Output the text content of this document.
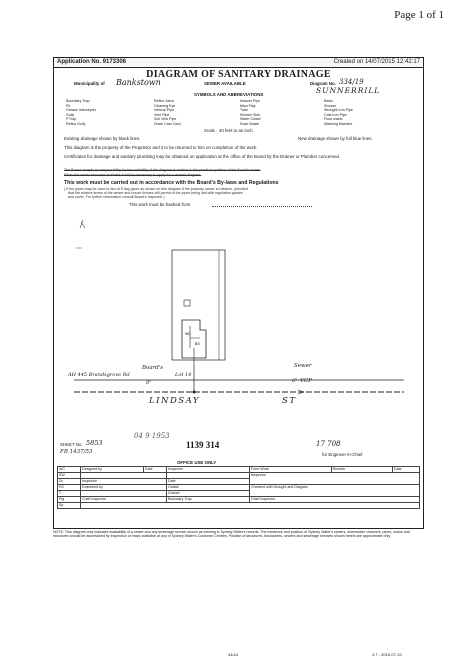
Page 1 of 1
Application No. 9173306	Created on 14/07/2015 12:42:17
DIAGRAM OF SANITARY DRAINAGE
Municipality of Bankstown	SEWER AVAILABLE	Diagram No. 334/19
SUNNERRILL
SYMBOLS AND ABBREVIATIONS
Boundary Trap
Pit
Grease Interceptor
Gully
P.Trap
Reflux Gully
Reflux Valve
Cleaning Eye
Vertical Pipe
Vent Pipe
Soil Vent Pipe
Down Cast Cowl
Inducet Pipe
Mica Flap
Tube
Kitchen Sink
Water Closet
Dock Waste
Basin
Shower
Wrought Iron Pipe
Cast Iron Pipe
Floor waste
Washing Machine
Scale · 40 feet to an inch
Existing drainage shown by black lines.	New drainage shown by full blue lines.
This diagram is the property of the Proprietor and it to be returned to him on completion of the work.
Certificates for drainage and sanitary plumbing may be obtained on application at the office of the Board by the Drainer or Plumber concerned.
The Board accepts no responsibility for the suitability of the diagram in relation to the practical position of the Board's sewer.
When the sewer becomes available it will be necessary to apply for a revised diagram.
This work must be carried out in accordance with the Board's By-laws and Regulations
( If the pipes may be used in lieu of E'day pipes as shown on this diagram if the property owner so desires, provided
that the relative levels of the sewer and house fixtures will permit of the pipes being laid with regulation grades
and cover. For further information consult Board's Inspector )
This work must be hashed from
WC
BS
Board's
AH 445 Brandsgrove Rd	Lot 14
Sewer
VCP
8"	6"
LINDSAY	ST
04 9 1953
SHEET No 5853
FB 1437/53
1139 314	17 708
for Engineer-in-Chief
OFFICE USE ONLY
WC	Designed by	Date	Inspector	Form Work	Remark	Date
SW				Inspector		
Dr	Inspector		Date			
KS	Examined by		Outfall	Checked with Drought and Diagram		
T			Drainer			
Pig	Chief Inspector		Boundary Trap	Chief Inspector		
Sp						
NOTE: This diagram only indicates availability of a sewer and any sewerage service shown as existing in Sydney Water's records. The existence and position of Sydney Water's sewers, stormwater channels, pipes, mains and structures should be ascertained by inspection of maps available at any of Sydney Water's Customer Centres. Position of structures, boundaries, sewers and sewerage services shown herein are approximate only.
44/44	4.7 - 2015-07-15
